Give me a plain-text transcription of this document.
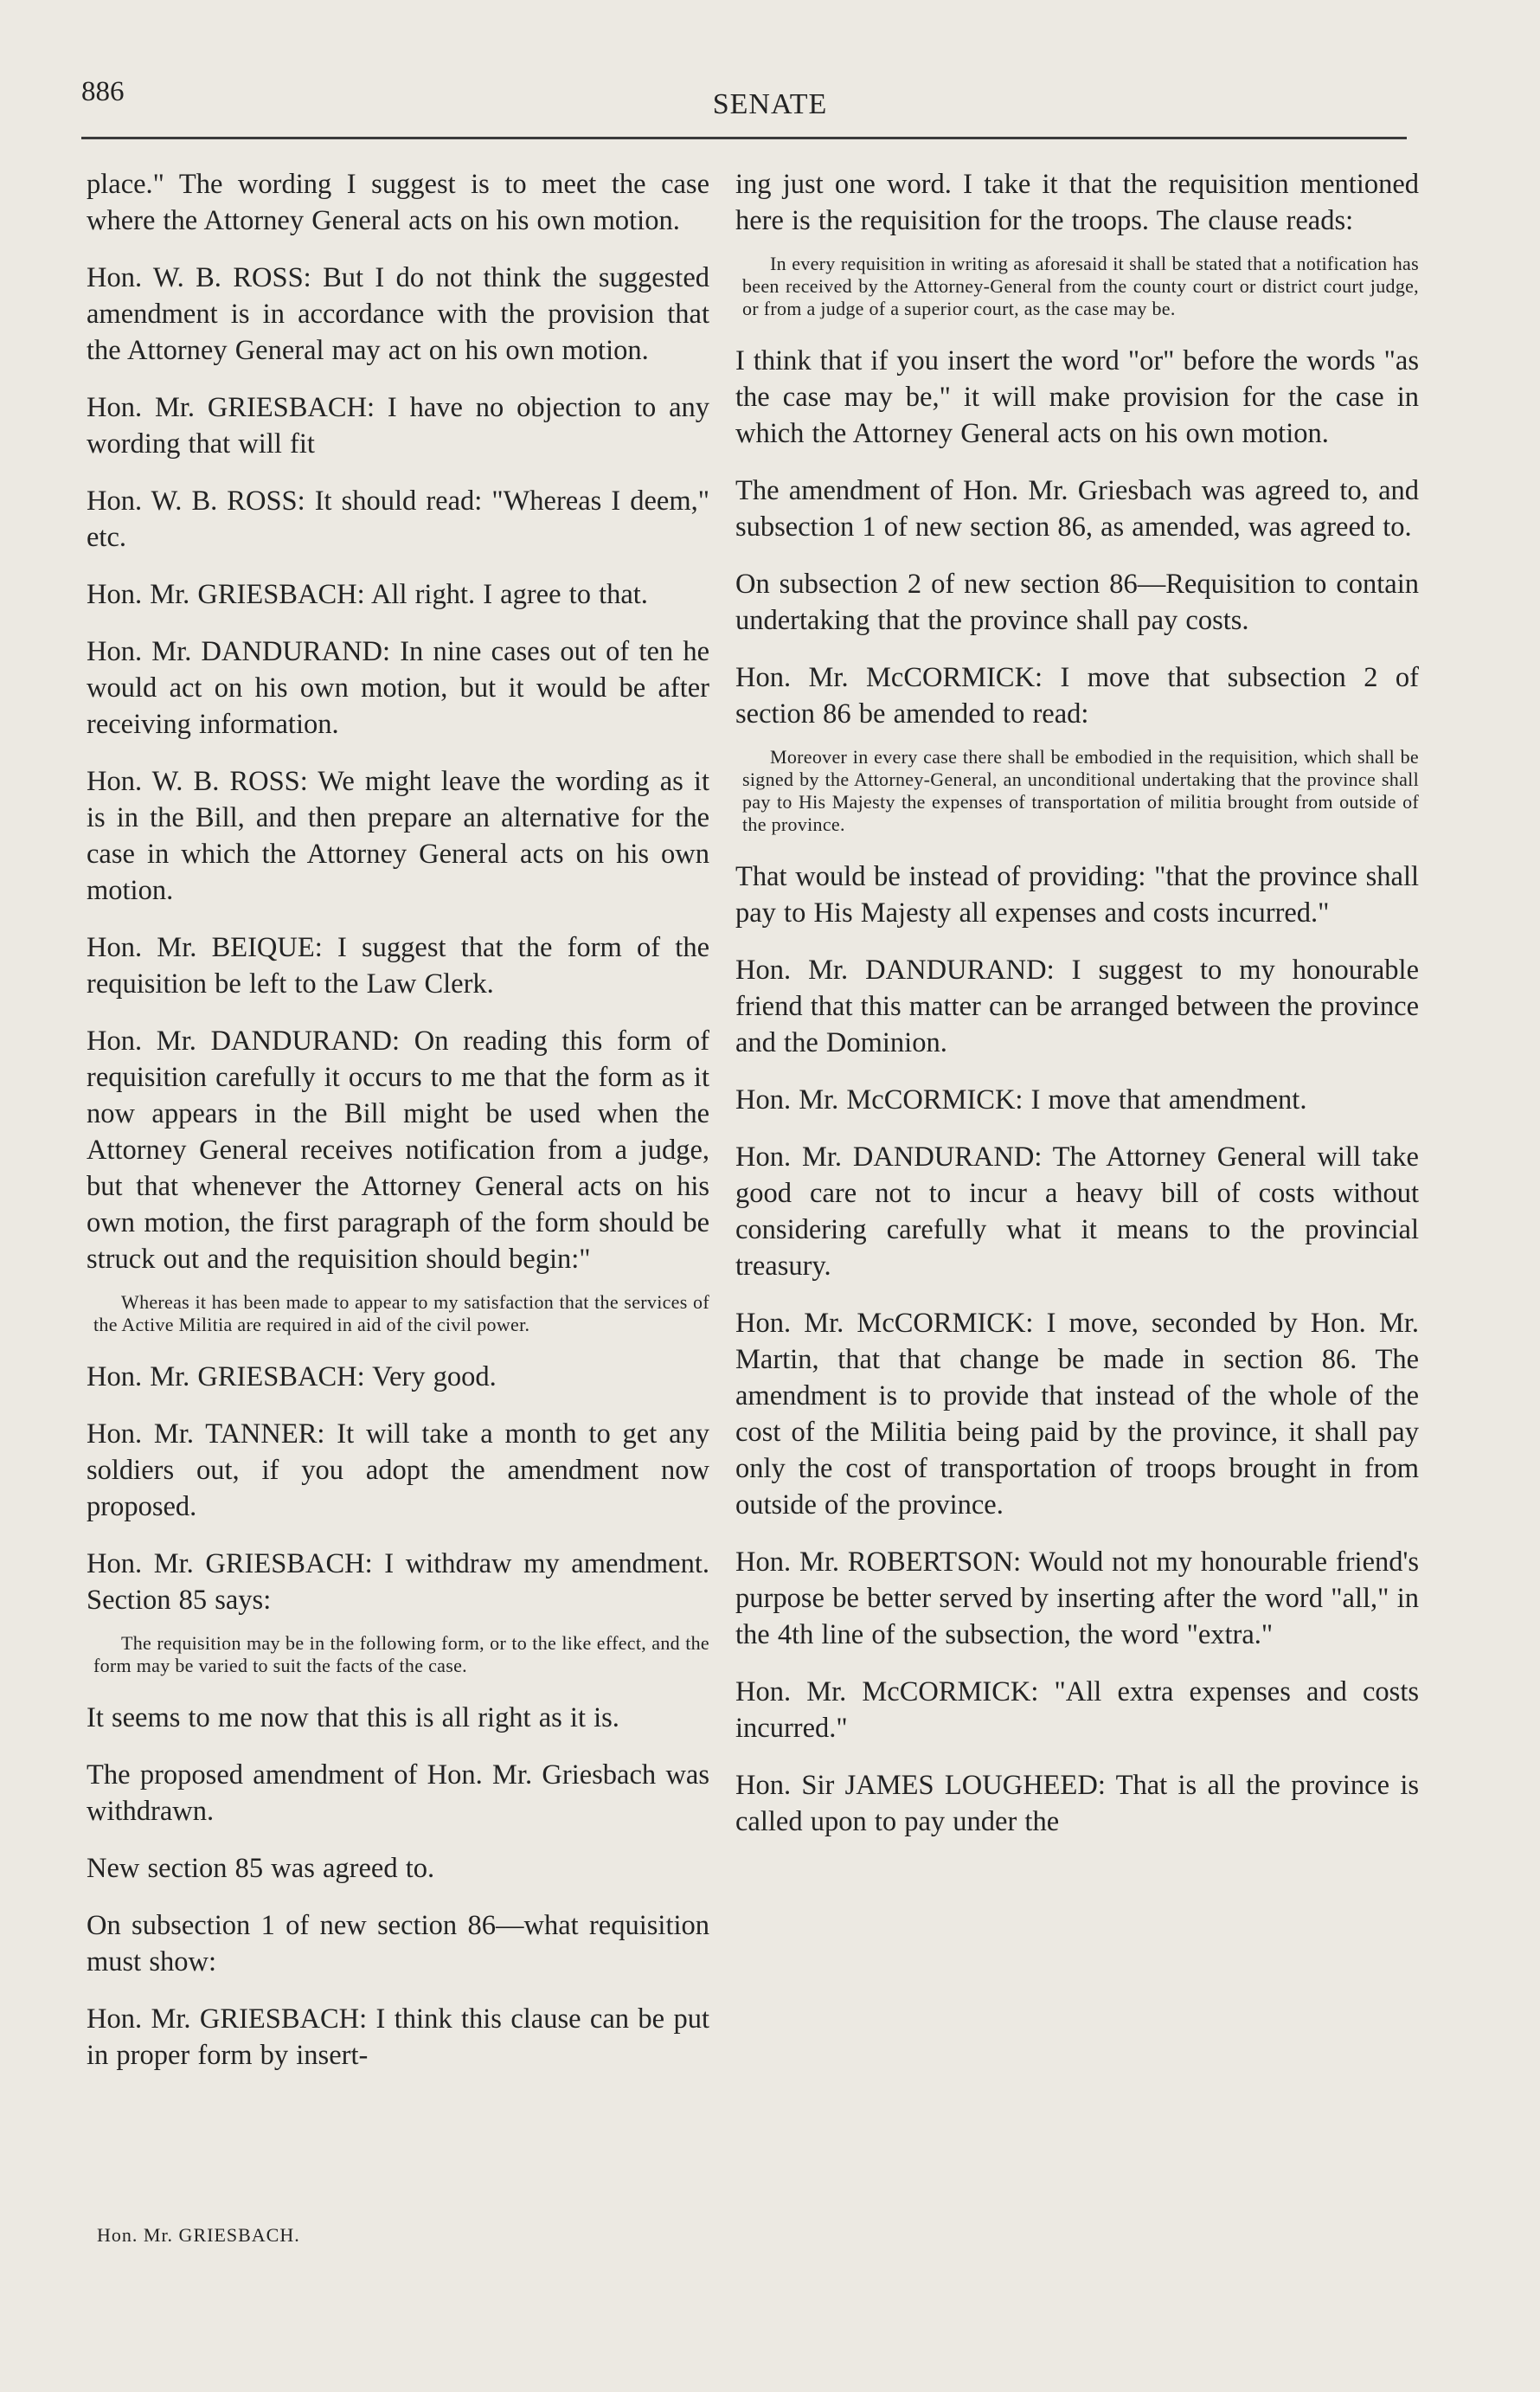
886	SENATE

place." The wording I suggest is to meet the case where the Attorney General acts on his own motion.

Hon. W. B. ROSS: But I do not think the suggested amendment is in accordance with the provision that the Attorney General may act on his own motion.

Hon. Mr. GRIESBACH: I have no objection to any wording that will fit

Hon. W. B. ROSS: It should read: "Whereas I deem," etc.

Hon. Mr. GRIESBACH: All right. I agree to that.

Hon. Mr. DANDURAND: In nine cases out of ten he would act on his own motion, but it would be after receiving information.

Hon. W. B. ROSS: We might leave the wording as it is in the Bill, and then prepare an alternative for the case in which the Attorney General acts on his own motion.

Hon. Mr. BEIQUE: I suggest that the form of the requisition be left to the Law Clerk.

Hon. Mr. DANDURAND: On reading this form of requisition carefully it occurs to me that the form as it now appears in the Bill might be used when the Attorney General receives notification from a judge, but that whenever the Attorney General acts on his own motion, the first paragraph of the form should be struck out and the requisition should begin:"

Whereas it has been made to appear to my satisfaction that the services of the Active Militia are required in aid of the civil power.

Hon. Mr. GRIESBACH: Very good.

Hon. Mr. TANNER: It will take a month to get any soldiers out, if you adopt the amendment now proposed.

Hon. Mr. GRIESBACH: I withdraw my amendment. Section 85 says:

The requisition may be in the following form, or to the like effect, and the form may be varied to suit the facts of the case.

It seems to me now that this is all right as it is.

The proposed amendment of Hon. Mr. Griesbach was withdrawn.

New section 85 was agreed to.

On subsection 1 of new section 86—what requisition must show:

Hon. Mr. GRIESBACH: I think this clause can be put in proper form by insert-

ing just one word. I take it that the requisition mentioned here is the requisition for the troops. The clause reads:

In every requisition in writing as aforesaid it shall be stated that a notification has been received by the Attorney-General from the county court or district court judge, or from a judge of a superior court, as the case may be.

I think that if you insert the word "or" before the words "as the case may be," it will make provision for the case in which the Attorney General acts on his own motion.

The amendment of Hon. Mr. Griesbach was agreed to, and subsection 1 of new section 86, as amended, was agreed to.

On subsection 2 of new section 86—Requisition to contain undertaking that the province shall pay costs.

Hon. Mr. McCORMICK: I move that subsection 2 of section 86 be amended to read:

Moreover in every case there shall be embodied in the requisition, which shall be signed by the Attorney-General, an unconditional undertaking that the province shall pay to His Majesty the expenses of transportation of militia brought from outside of the province.

That would be instead of providing: "that the province shall pay to His Majesty all expenses and costs incurred."

Hon. Mr. DANDURAND: I suggest to my honourable friend that this matter can be arranged between the province and the Dominion.

Hon. Mr. McCORMICK: I move that amendment.

Hon. Mr. DANDURAND: The Attorney General will take good care not to incur a heavy bill of costs without considering carefully what it means to the provincial treasury.

Hon. Mr. McCORMICK: I move, seconded by Hon. Mr. Martin, that that change be made in section 86. The amendment is to provide that instead of the whole of the cost of the Militia being paid by the province, it shall pay only the cost of transportation of troops brought in from outside of the province.

Hon. Mr. ROBERTSON: Would not my honourable friend's purpose be better served by inserting after the word "all," in the 4th line of the subsection, the word "extra."

Hon. Mr. McCORMICK: "All extra expenses and costs incurred."

Hon. Sir JAMES LOUGHEED: That is all the province is called upon to pay under the

Hon. Mr. GRIESBACH.
